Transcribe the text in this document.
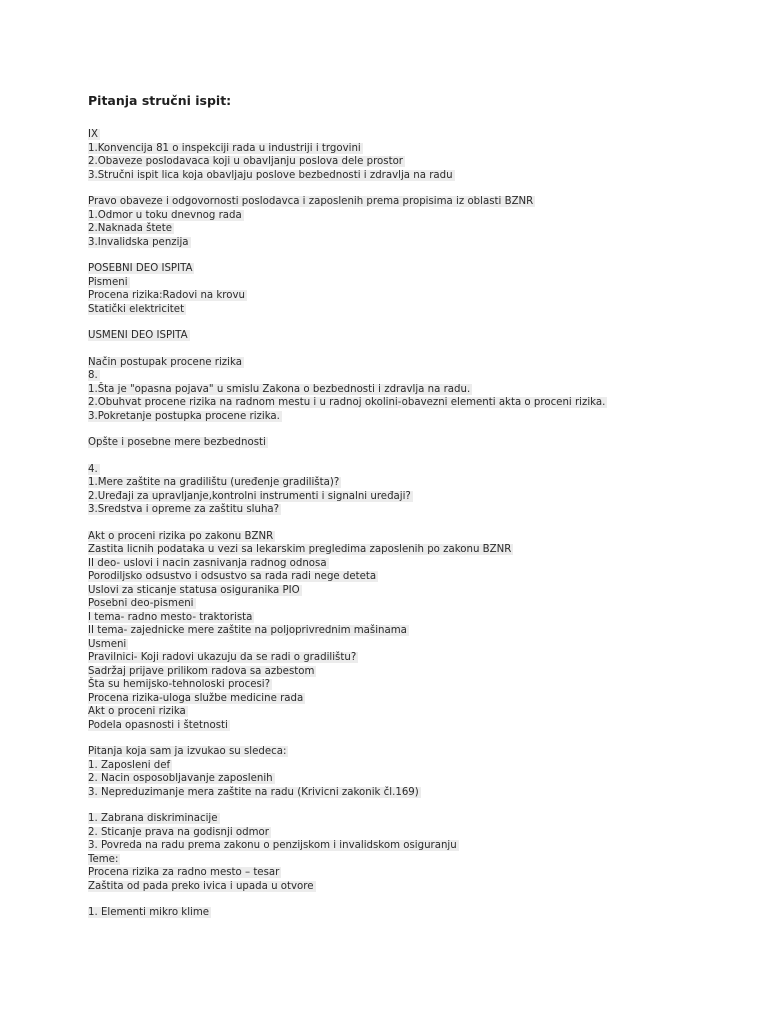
Pitanja stručni ispit:
IX
1.Konvencija 81 o inspekciji rada u industriji i trgovini
2.Obaveze poslodavaca koji u obavljanju poslova dele prostor
3.Stručni ispit lica koja obavljaju poslove bezbednosti i zdravlja na radu
Pravo obaveze i odgovornosti poslodavca i zaposlenih prema propisima iz oblasti BZNR
1.Odmor u toku dnevnog rada
2.Naknada štete
3.Invalidska penzija
POSEBNI DEO ISPITA
Pismeni
Procena rizika:Radovi na krovu
Statički elektricitet
USMENI DEO ISPITA
Način postupak procene rizika
8.
1.Šta je "opasna pojava" u smislu Zakona o bezbednosti i zdravlja na radu.
2.Obuhvat procene rizika na radnom mestu i u radnoj okolini-obavezni elementi akta o proceni rizika.
3.Pokretanje postupka procene rizika.
Opšte i posebne mere bezbednosti
4.
1.Mere zaštite na gradilištu (uređenje gradilišta)?
2.Uređaji za upravljanje,kontrolni instrumenti i signalni uređaji?
3.Sredstva i opreme za zaštitu sluha?
Akt o proceni rizika po zakonu BZNR
Zastita licnih podataka u vezi sa lekarskim pregledima zaposlenih po zakonu BZNR
II deo- uslovi i nacin zasnivanja radnog odnosa
Porodiljsko odsustvo i odsustvo sa rada radi nege deteta
Uslovi za sticanje statusa osiguranika PIO
Posebni deo-pismeni
I tema- radno mesto- traktorista
II tema- zajednicke mere zaštite na poljoprivrednim mašinama
Usmeni
Pravilnici- Koji radovi ukazuju da se radi o gradilištu?
Sadržaj prijave prilikom radova sa azbestom
Šta su hemijsko-tehnoloski procesi?
Procena rizika-uloga službe medicine rada
Akt o proceni rizika
Podela opasnosti i štetnosti
Pitanja koja sam ja izvukao su sledeca:
1. Zaposleni def
2. Nacin osposobljavanje zaposlenih
3. Nepreduzimanje mera zaštite na radu (Krivicni zakonik čl.169)
1. Zabrana diskriminacije
2. Sticanje prava na godisnji odmor
3. Povreda na radu prema zakonu o penzijskom i invalidskom osiguranju
Teme:
Procena rizika za radno mesto – tesar
Zaštita od pada preko ivica i upada u otvore
1. Elementi mikro klime
